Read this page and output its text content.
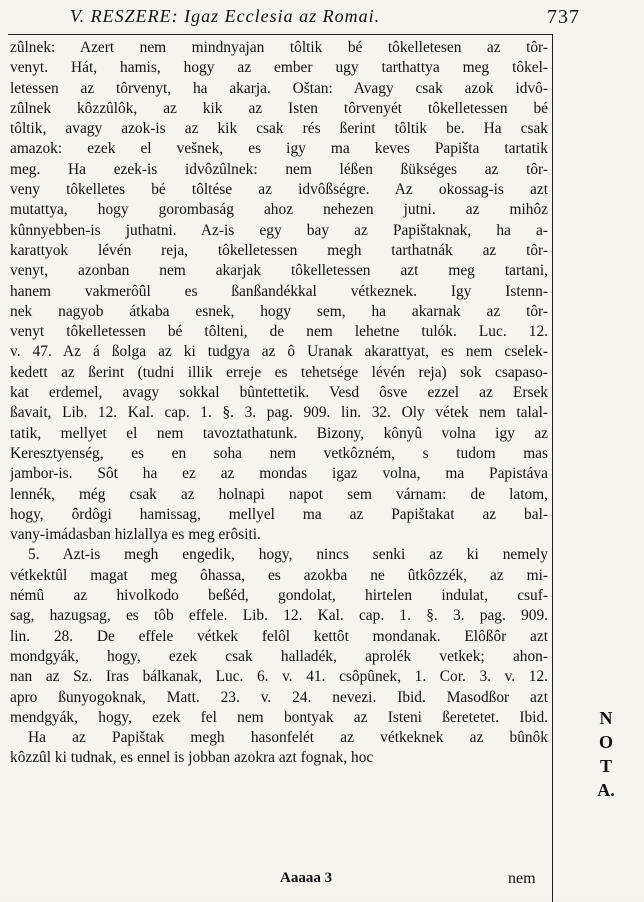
V. RESZERE: Igaz Ecclesia az Romai.	737
zûlnek: Azert nem mindnyajan tôltik bé tôkelletesen az tôr-
venyt. Hát, hamis, hogy az ember ugy tarthattya meg tôkel-
letessen az tôrvenyt, ha akarja. Oštan: Avagy csak azok idvô-
zûlnek kôzzûlôk, az kik az Isten tôrvenyét tôkelletessen bé
tôltik, avagy azok-is az kik csak rés ßerint tôltik be. Ha csak
amazok: ezek el vešnek, es igy ma keves Papišta tartatik
meg. Ha ezek-is idvôzûlnek: nem léßen ßükséges az tôr-
veny tôkelletes bé tôltése az idvôßségre. Az okossag-is azt
mutattya, hogy gorombaság ahoz nehezen jutni. az mihôz
kûnnyebben-is juthatni. Az-is egy bay az Papištaknak, ha a-
karattyok lévén reja, tôkelletessen megh tarthatnák az tôr-
venyt, azonban nem akarjak tôkelletessen azt meg tartani,
hanem vakmerôûl es ßanßandékkal vétkeznek. Igy Istenn-
nek nagyob átkaba esnek, hogy sem, ha akarnak az tôr-
venyt tôkelletessen bé tôlteni, de nem lehetne tulók. Luc. 12.
v. 47. Az á ßolga az ki tudgya az ô Uranak akarattyat, es nem cselek-
kedett az ßerint (tudni illik erreje es tehetsége lévén reja) sok csapaso-
kat erdemel, avagy sokkal bûntettetik. Vesd ôsve ezzel az Ersek
ßavait, Lib. 12. Kal. cap. 1. §. 3. pag. 909. lin. 32. Oly vétek nem talal-
tatik, mellyet el nem tavoztathatunk. Bizony, kônyû volna igy az
Keresztyenség, es en soha nem vetkôzném, s tudom mas
jambor-is. Sôt ha ez az mondas igaz volna, ma Papistáva
lennék, még csak az holnapi napot sem várnam: de latom,
hogy, ôrdôgi hamissag, mellyel ma az Papištakat az bal-
vany-imádasban hizlallya es meg erôsiti.
5. Azt-is megh engedik, hogy, nincs senki az ki nemely
vétkektûl magat meg ôhassa, es azokba ne ûtkôzzék, az mi-
némû az hivolkodo beßéd, gondolat, hirtelen indulat, csuf-
sag, hazugsag, es tôb effele. Lib. 12. Kal. cap. 1. §. 3. pag. 909.
lin. 28. De effele vétkek felôl kettôt mondanak. Elôßôr azt
mondgyák, hogy, ezek csak halladék, aprolék vetkek; ahon-
nan az Sz. Iras bálkanak, Luc. 6. v. 41. csôpûnek, 1. Cor. 3. v. 12.
apro ßunyogoknak, Matt. 23. v. 24. nevezi. Ibid. Masodßor azt
mendgyák, hogy, ezek fel nem bontyak az Isteni ßeretetet. Ibid.
Ha az Papištak megh hasonfelét az vétkeknek az bûnôk
kôzzûl ki tudnak, es ennel is jobban azokra azt fognak, hoc
N
O
T
A.
Aaaaa 3	nem
